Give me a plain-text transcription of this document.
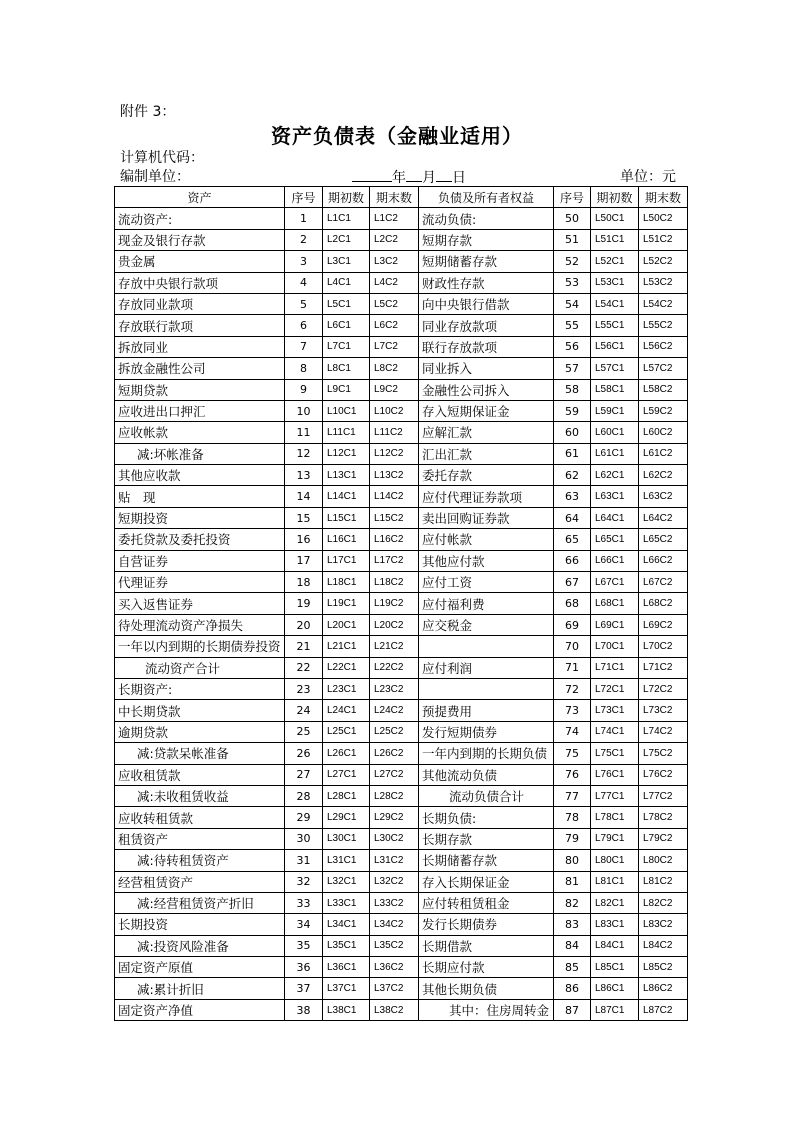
附件 3：
资产负债表（金融业适用）
计算机代码：
编制单位：	年 月 日	单位：元
资产	序号	期初数	期末数	负债及所有者权益	序号	期初数	期末数
流动资产:	1	L1C1	L1C2	流动负债:	50	L50C1	L50C2
现金及银行存款	2	L2C1	L2C2	短期存款	51	L51C1	L51C2
贵金属	3	L3C1	L3C2	短期储蓄存款	52	L52C1	L52C2
存放中央银行款项	4	L4C1	L4C2	财政性存款	53	L53C1	L53C2
存放同业款项	5	L5C1	L5C2	向中央银行借款	54	L54C1	L54C2
存放联行款项	6	L6C1	L6C2	同业存放款项	55	L55C1	L55C2
拆放同业	7	L7C1	L7C2	联行存放款项	56	L56C1	L56C2
拆放金融性公司	8	L8C1	L8C2	同业拆入	57	L57C1	L57C2
短期贷款	9	L9C1	L9C2	金融性公司拆入	58	L58C1	L58C2
应收进出口押汇	10	L10C1	L10C2	存入短期保证金	59	L59C1	L59C2
应收帐款	11	L11C1	L11C2	应解汇款	60	L60C1	L60C2
减:坏帐准备	12	L12C1	L12C2	汇出汇款	61	L61C1	L61C2
其他应收款	13	L13C1	L13C2	委托存款	62	L62C1	L62C2
贴　现	14	L14C1	L14C2	应付代理证券款项	63	L63C1	L63C2
短期投资	15	L15C1	L15C2	卖出回购证券款	64	L64C1	L64C2
委托贷款及委托投资	16	L16C1	L16C2	应付帐款	65	L65C1	L65C2
自营证券	17	L17C1	L17C2	其他应付款	66	L66C1	L66C2
代理证券	18	L18C1	L18C2	应付工资	67	L67C1	L67C2
买入返售证券	19	L19C1	L19C2	应付福利费	68	L68C1	L68C2
待处理流动资产净损失	20	L20C1	L20C2	应交税金	69	L69C1	L69C2
一年以内到期的长期债券投资	21	L21C1	L21C2		70	L70C1	L70C2
流动资产合计	22	L22C1	L22C2	应付利润	71	L71C1	L71C2
长期资产:	23	L23C1	L23C2		72	L72C1	L72C2
中长期贷款	24	L24C1	L24C2	预提费用	73	L73C1	L73C2
逾期贷款	25	L25C1	L25C2	发行短期债券	74	L74C1	L74C2
减:贷款呆帐准备	26	L26C1	L26C2	一年内到期的长期负债	75	L75C1	L75C2
应收租赁款	27	L27C1	L27C2	其他流动负债	76	L76C1	L76C2
减:未收租赁收益	28	L28C1	L28C2	流动负债合计	77	L77C1	L77C2
应收转租赁款	29	L29C1	L29C2	长期负债:	78	L78C1	L78C2
租赁资产	30	L30C1	L30C2	长期存款	79	L79C1	L79C2
减:待转租赁资产	31	L31C1	L31C2	长期储蓄存款	80	L80C1	L80C2
经营租赁资产	32	L32C1	L32C2	存入长期保证金	81	L81C1	L81C2
减:经营租赁资产折旧	33	L33C1	L33C2	应付转租赁租金	82	L82C1	L82C2
长期投资	34	L34C1	L34C2	发行长期债券	83	L83C1	L83C2
减:投资风险准备	35	L35C1	L35C2	长期借款	84	L84C1	L84C2
固定资产原值	36	L36C1	L36C2	长期应付款	85	L85C1	L85C2
减:累计折旧	37	L37C1	L37C2	其他长期负债	86	L86C1	L86C2
固定资产净值	38	L38C1	L38C2	其中：住房周转金	87	L87C1	L87C2
